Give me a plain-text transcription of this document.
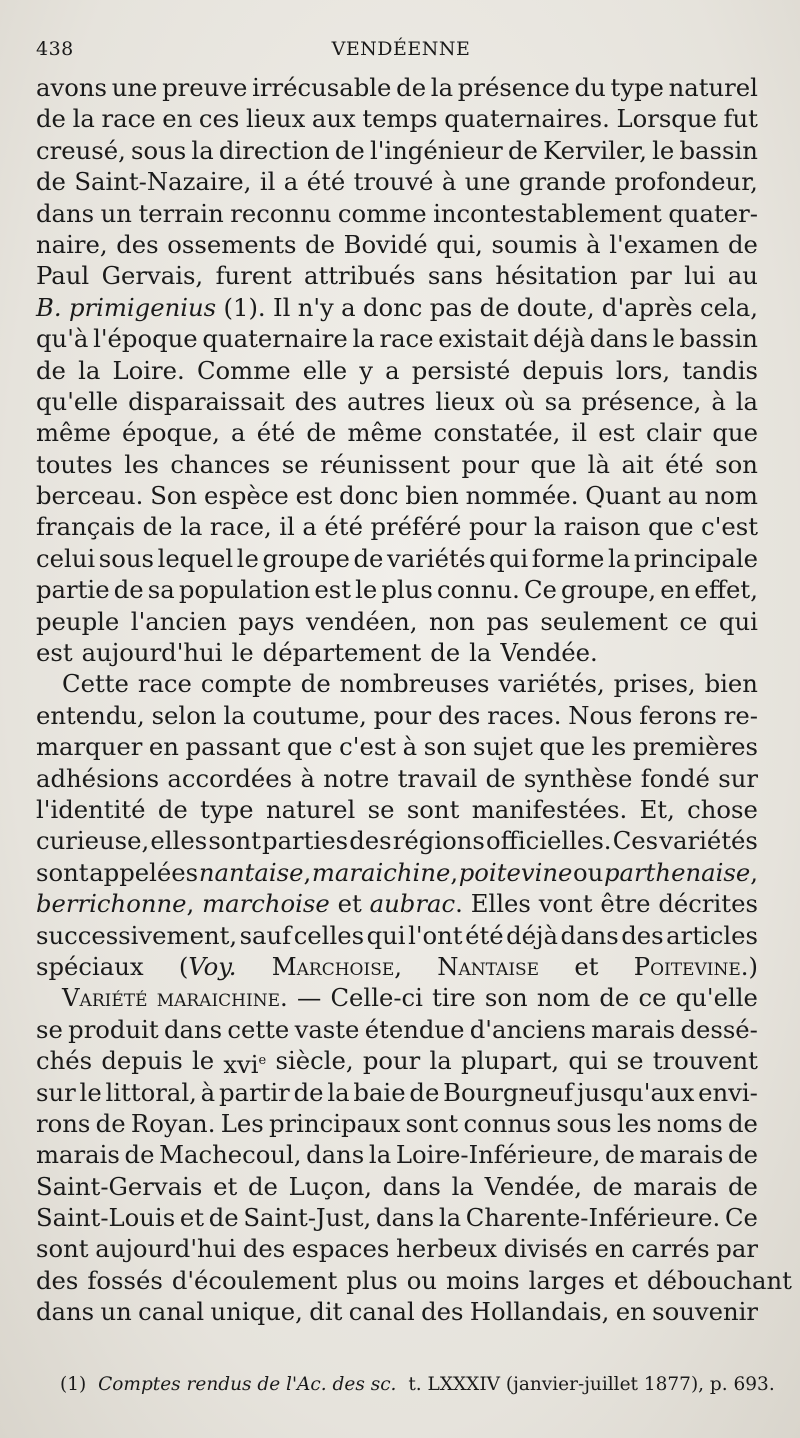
438	VENDÉENNE
avons une preuve irrécusable de la présence du type naturel
de la race en ces lieux aux temps quaternaires. Lorsque fut
creusé, sous la direction de l'ingénieur de Kerviler, le bassin
de Saint-Nazaire, il a été trouvé à une grande profondeur,
dans un terrain reconnu comme incontestablement quater-
naire, des ossements de Bovidé qui, soumis à l'examen de
Paul Gervais, furent attribués sans hésitation par lui au
B. primigenius (1). Il n'y a donc pas de doute, d'après cela,
qu'à l'époque quaternaire la race existait déjà dans le bassin
de la Loire. Comme elle y a persisté depuis lors, tandis
qu'elle disparaissait des autres lieux où sa présence, à la
même époque, a été de même constatée, il est clair que
toutes les chances se réunissent pour que là ait été son
berceau. Son espèce est donc bien nommée. Quant au nom
français de la race, il a été préféré pour la raison que c'est
celui sous lequel le groupe de variétés qui forme la principale
partie de sa population est le plus connu. Ce groupe, en effet,
peuple l'ancien pays vendéen, non pas seulement ce qui
est aujourd'hui le département de la Vendée.
Cette race compte de nombreuses variétés, prises, bien
entendu, selon la coutume, pour des races. Nous ferons re-
marquer en passant que c'est à son sujet que les premières
adhésions accordées à notre travail de synthèse fondé sur
l'identité de type naturel se sont manifestées. Et, chose
curieuse, elles sont parties des régions officielles. Ces variétés
sont appelées nantaise, maraichine, poitevine ou parthenaise,
berrichonne, marchoise et aubrac. Elles vont être décrites
successivement, sauf celles qui l'ont été déjà dans des articles
spéciaux (Voy. Marchoise, Nantaise et Poitevine.)
Variété maraichine. — Celle-ci tire son nom de ce qu'elle
se produit dans cette vaste étendue d'anciens marais dessé-
chés depuis le xvi$^e$ siècle, pour la plupart, qui se trouvent
sur le littoral, à partir de la baie de Bourgneuf jusqu'aux envi-
rons de Royan. Les principaux sont connus sous les noms de
marais de Machecoul, dans la Loire-Inférieure, de marais de
Saint-Gervais et de Luçon, dans la Vendée, de marais de
Saint-Louis et de Saint-Just, dans la Charente-Inférieure. Ce
sont aujourd'hui des espaces herbeux divisés en carrés par
des fossés d'écoulement plus ou moins larges et débouchant
dans un canal unique, dit canal des Hollandais, en souvenir
(1) Comptes rendus de l'Ac. des sc. t. LXXXIV (janvier-juillet 1877), p. 693.
